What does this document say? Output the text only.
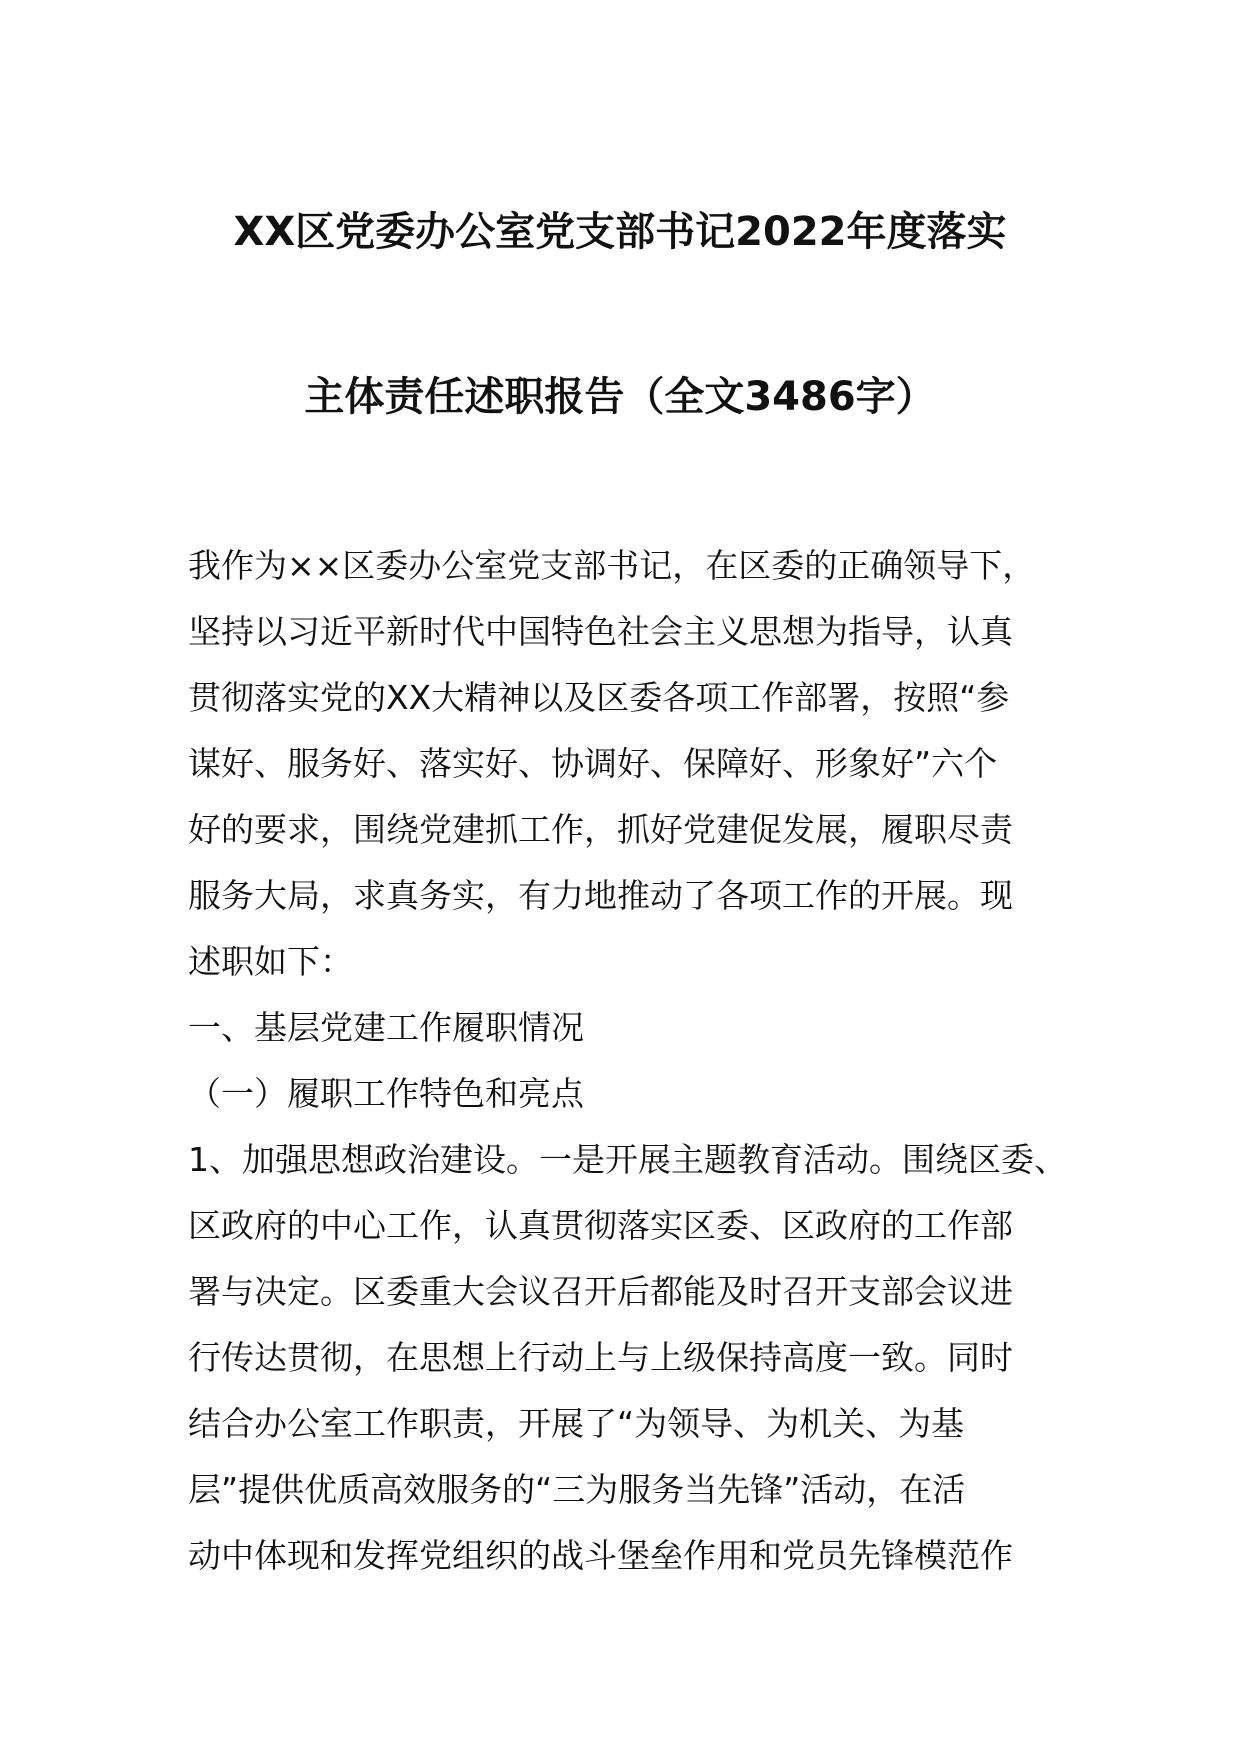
XX区党委办公室党支部书记2022年度落实
主体责任述职报告（全文3486字）
我作为××区委办公室党支部书记，在区委的正确领导下，
坚持以习近平新时代中国特色社会主义思想为指导，认真
贯彻落实党的XX大精神以及区委各项工作部署，按照“参
谋好、服务好、落实好、协调好、保障好、形象好”六个
好的要求，围绕党建抓工作，抓好党建促发展，履职尽责
服务大局，求真务实，有力地推动了各项工作的开展。现
述职如下：
一、基层党建工作履职情况
（一）履职工作特色和亮点
1、加强思想政治建设。一是开展主题教育活动。围绕区委、
区政府的中心工作，认真贯彻落实区委、区政府的工作部
署与决定。区委重大会议召开后都能及时召开支部会议进
行传达贯彻，在思想上行动上与上级保持高度一致。同时
结合办公室工作职责，开展了“为领导、为机关、为基
层”提供优质高效服务的“三为服务当先锋”活动，在活
动中体现和发挥党组织的战斗堡垒作用和党员先锋模范作
